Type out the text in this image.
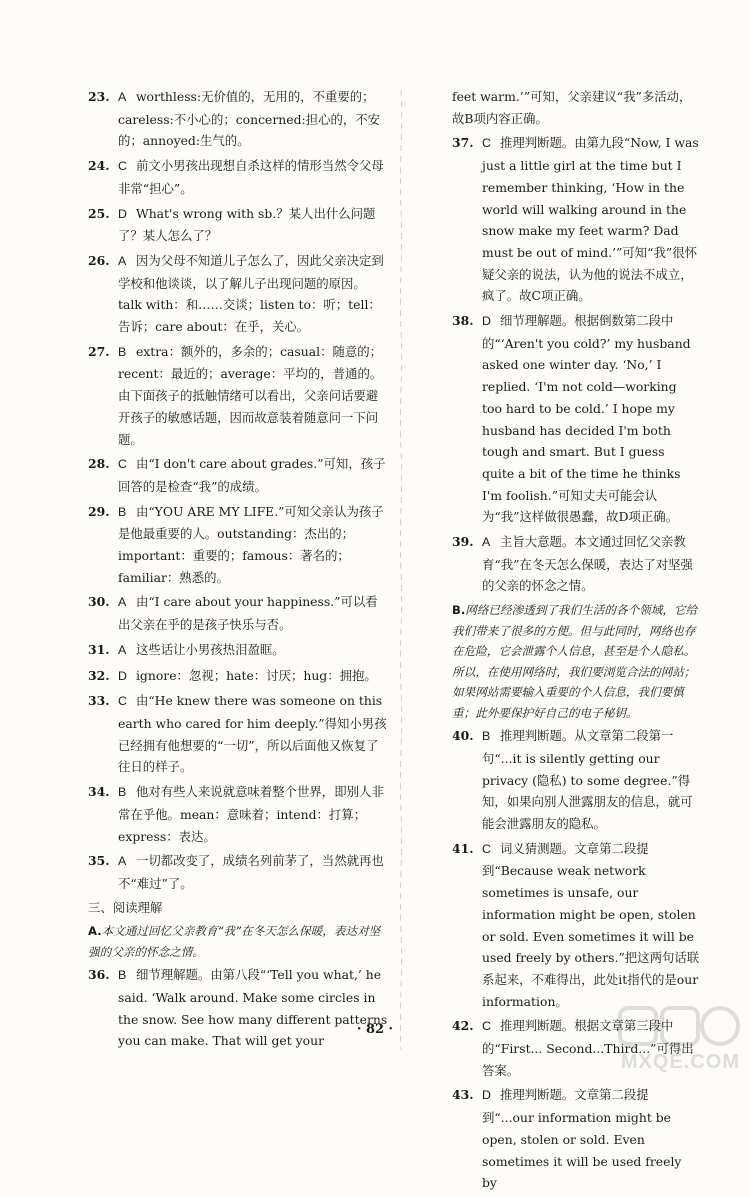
23. A worthless:无价值的，无用的，不重要的；careless:不小心的；concerned:担心的，不安的；annoyed:生气的。

24. C 前文小男孩出现想自杀这样的情形当然令父母非常“担心”。

25. D What's wrong with sb.？某人出什么问题了？某人怎么了？

26. A 因为父母不知道儿子怎么了，因此父亲决定到学校和他谈谈，以了解儿子出现问题的原因。talk with：和……交谈；listen to：听；tell：告诉；care about：在乎，关心。

27. B extra：额外的，多余的；casual：随意的；recent：最近的；average：平均的，普通的。由下面孩子的抵触情绪可以看出，父亲问话要避开孩子的敏感话题，因而故意装着随意问一下问题。

28. C 由“I don't care about grades.”可知，孩子回答的是检查“我”的成绩。

29. B 由“YOU ARE MY LIFE.”可知父亲认为孩子是他最重要的人。outstanding：杰出的；important：重要的；famous：著名的；familiar：熟悉的。

30. A 由“I care about your happiness.”可以看出父亲在乎的是孩子快乐与否。

31. A 这些话让小男孩热泪盈眶。

32. D ignore：忽视；hate：讨厌；hug：拥抱。

33. C 由“He knew there was someone on this earth who cared for him deeply.”得知小男孩已经拥有他想要的“一切”，所以后面他又恢复了往日的样子。

34. B 他对有些人来说就意味着整个世界，即别人非常在乎他。mean：意味着；intend：打算；express：表达。

35. A 一切都改变了，成绩名列前茅了，当然就再也不“难过”了。

三、阅读理解

A.本文通过回忆父亲教育“我”在冬天怎么保暖，表达对坚强的父亲的怀念之情。

36. B 细节理解题。由第八段“‘Tell you what,’ he said. ‘Walk around. Make some circles in the snow. See how many different patterns you can make. That will get your

feet warm.’”可知，父亲建议“我”多活动，故B项内容正确。

37. C 推理判断题。由第九段“Now, I was just a little girl at the time but I remember thinking, ‘How in the world will walking around in the snow make my feet warm? Dad must be out of mind.’”可知“我”很怀疑父亲的说法，认为他的说法不成立，疯了。故C项正确。

38. D 细节理解题。根据倒数第二段中的“‘Aren't you cold?’ my husband asked one winter day. ‘No,’ I replied. ‘I'm not cold—working too hard to be cold.’ I hope my husband has decided I'm both tough and smart. But I guess quite a bit of the time he thinks I'm foolish.”可知丈夫可能会认为“我”这样做很愚蠢，故D项正确。

39. A 主旨大意题。本文通过回忆父亲教育“我”在冬天怎么保暖，表达了对坚强的父亲的怀念之情。

B.网络已经渗透到了我们生活的各个领域，它给我们带来了很多的方便。但与此同时，网络也存在危险，它会泄露个人信息，甚至是个人隐私。所以，在使用网络时，我们要浏览合法的网站；如果网站需要输入重要的个人信息，我们要慎重；此外要保护好自己的电子秘钥。

40. B 推理判断题。从文章第二段第一句“...it is silently getting our privacy (隐私) to some degree.”得知，如果向别人泄露朋友的信息，就可能会泄露朋友的隐私。

41. C 词义猜测题。文章第二段提到“Because weak network sometimes is unsafe, our information might be open, stolen or sold. Even sometimes it will be used freely by others.”把这两句话联系起来，不难得出，此处it指代的是our information。

42. C 推理判断题。根据文章第三段中的“First... Second...Third...”可得出答案。

43. D 推理判断题。文章第二段提到“...our information might be open, stolen or sold. Even sometimes it will be used freely by

· 82 ·
MXQE.COM
